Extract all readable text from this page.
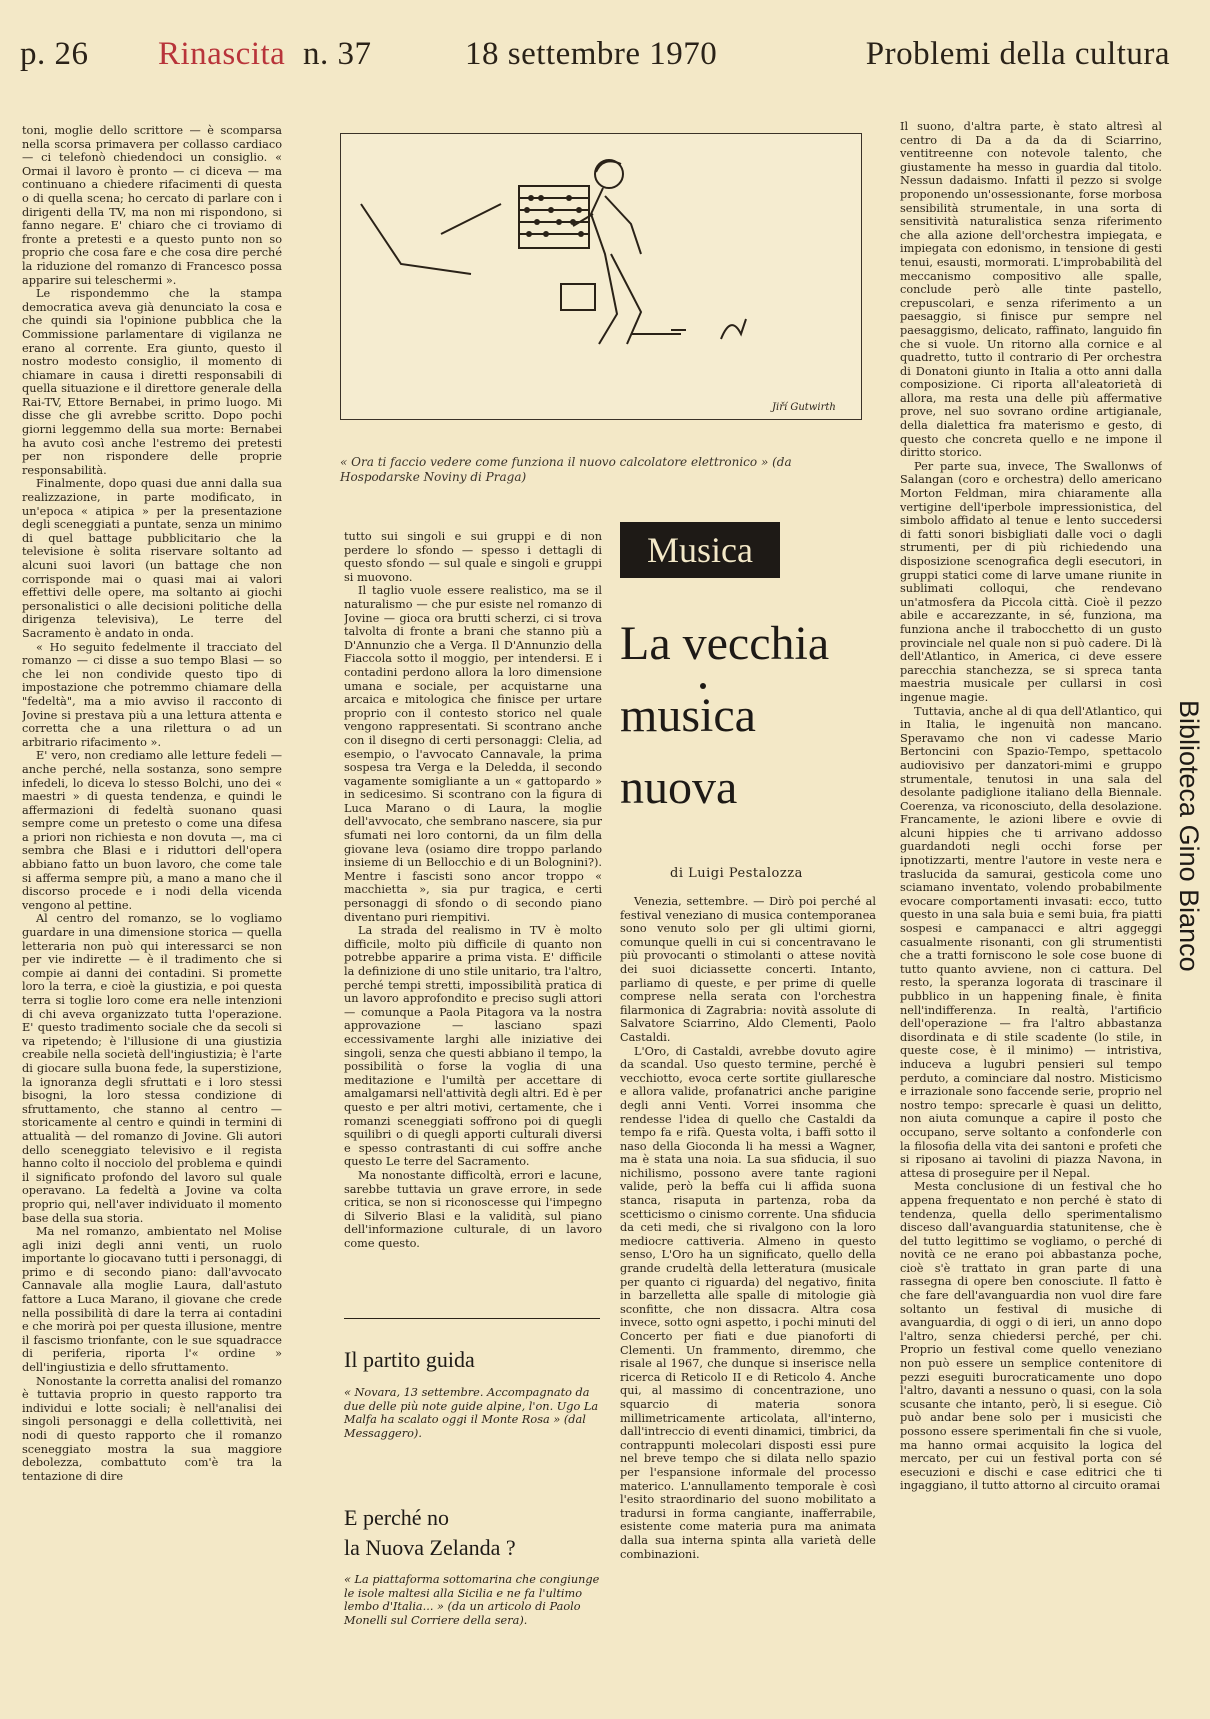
p. 26 Rinascita n. 37	18 settembre 1970	Problemi della cultura

toni, moglie dello scrittore — è scomparsa nella scorsa primavera per collasso cardiaco — ci telefonò chiedendoci un consiglio. « Ormai il lavoro è pronto — ci diceva — ma continuano a chiedere rifacimenti di questa o di quella scena; ho cercato di parlare con i dirigenti della TV, ma non mi rispondono, si fanno negare. E' chiaro che ci troviamo di fronte a pretesti e a questo punto non so proprio che cosa fare e che cosa dire perché la riduzione del romanzo di Francesco possa apparire sui teleschermi ».

Le rispondemmo che la stampa democratica aveva già denunciato la cosa e che quindi sia l'opinione pubblica che la Commissione parlamentare di vigilanza ne erano al corrente. Era giunto, questo il nostro modesto consiglio, il momento di chiamare in causa i diretti responsabili di quella situazione e il direttore generale della Rai-TV, Ettore Bernabei, in primo luogo. Mi disse che gli avrebbe scritto. Dopo pochi giorni leggemmo della sua morte: Bernabei ha avuto così anche l'estremo dei pretesti per non rispondere delle proprie responsabilità.

Finalmente, dopo quasi due anni dalla sua realizzazione, in parte modificato, in un'epoca « atipica » per la presentazione degli sceneggiati a puntate, senza un minimo di quel battage pubblicitario che la televisione è solita riservare soltanto ad alcuni suoi lavori (un battage che non corrisponde mai o quasi mai ai valori effettivi delle opere, ma soltanto ai giochi personalistici o alle decisioni politiche della dirigenza televisiva), Le terre del Sacramento è andato in onda.

« Ho seguito fedelmente il tracciato del romanzo — ci disse a suo tempo Blasi — so che lei non condivide questo tipo di impostazione che potremmo chiamare della "fedeltà", ma a mio avviso il racconto di Jovine si prestava più a una lettura attenta e corretta che a una rilettura o ad un arbitrario rifacimento ».

E' vero, non crediamo alle letture fedeli — anche perché, nella sostanza, sono sempre infedeli, lo diceva lo stesso Bolchi, uno dei « maestri » di questa tendenza, e quindi le affermazioni di fedeltà suonano quasi sempre come un pretesto o come una difesa a priori non richiesta e non dovuta —, ma ci sembra che Blasi e i riduttori dell'opera abbiano fatto un buon lavoro, che come tale si afferma sempre più, a mano a mano che il discorso procede e i nodi della vicenda vengono al pettine.

Al centro del romanzo, se lo vogliamo guardare in una dimensione storica — quella letteraria non può qui interessarci se non per vie indirette — è il tradimento che si compie ai danni dei contadini. Si promette loro la terra, e cioè la giustizia, e poi questa terra si toglie loro come era nelle intenzioni di chi aveva organizzato tutta l'operazione. E' questo tradimento sociale che da secoli si va ripetendo; è l'illusione di una giustizia creabile nella società dell'ingiustizia; è l'arte di giocare sulla buona fede, la superstizione, la ignoranza degli sfruttati e i loro stessi bisogni, la loro stessa condizione di sfruttamento, che stanno al centro — storicamente al centro e quindi in termini di attualità — del romanzo di Jovine. Gli autori dello sceneggiato televisivo e il regista hanno colto il nocciolo del problema e quindi il significato profondo del lavoro sul quale operavano. La fedeltà a Jovine va colta proprio qui, nell'aver individuato il momento base della sua storia.

Ma nel romanzo, ambientato nel Molise agli inizi degli anni venti, un ruolo importante lo giocavano tutti i personaggi, di primo e di secondo piano: dall'avvocato Cannavale alla moglie Laura, dall'astuto fattore a Luca Marano, il giovane che crede nella possibilità di dare la terra ai contadini e che morirà poi per questa illusione, mentre il fascismo trionfante, con le sue squadracce di periferia, riporta l'« ordine » dell'ingiustizia e dello sfruttamento.

Nonostante la corretta analisi del romanzo è tuttavia proprio in questo rapporto tra individui e lotte sociali; è nell'analisi dei singoli personaggi e della collettività, nei nodi di questo rapporto che il romanzo sceneggiato mostra la sua maggiore debolezza, combattuto com'è tra la tentazione di dire

Jiří Gutwirth
« Ora ti faccio vedere come funziona il nuovo calcolatore elettronico » (da Hospodarske Noviny di Praga)

tutto sui singoli e sui gruppi e di non perdere lo sfondo — spesso i dettagli di questo sfondo — sul quale e singoli e gruppi si muovono.

Il taglio vuole essere realistico, ma se il naturalismo — che pur esiste nel romanzo di Jovine — gioca ora brutti scherzi, ci si trova talvolta di fronte a brani che stanno più a D'Annunzio che a Verga. Il D'Annunzio della Fiaccola sotto il moggio, per intendersi. E i contadini perdono allora la loro dimensione umana e sociale, per acquistarne una arcaica e mitologica che finisce per urtare proprio con il contesto storico nel quale vengono rappresentati. Si scontrano anche con il disegno di certi personaggi: Clelia, ad esempio, o l'avvocato Cannavale, la prima sospesa tra Verga e la Deledda, il secondo vagamente somigliante a un « gattopardo » in sedicesimo. Si scontrano con la figura di Luca Marano o di Laura, la moglie dell'avvocato, che sembrano nascere, sia pur sfumati nei loro contorni, da un film della giovane leva (osiamo dire troppo parlando insieme di un Bellocchio e di un Bolognini?). Mentre i fascisti sono ancor troppo « macchietta », sia pur tragica, e certi personaggi di sfondo o di secondo piano diventano puri riempitivi.

La strada del realismo in TV è molto difficile, molto più difficile di quanto non potrebbe apparire a prima vista. E' difficile la definizione di uno stile unitario, tra l'altro, perché tempi stretti, impossibilità pratica di un lavoro approfondito e preciso sugli attori — comunque a Paola Pitagora va la nostra approvazione — lasciano spazi eccessivamente larghi alle iniziative dei singoli, senza che questi abbiano il tempo, la possibilità o forse la voglia di una meditazione e l'umiltà per accettare di amalgamarsi nell'attività degli altri. Ed è per questo e per altri motivi, certamente, che i romanzi sceneggiati soffrono poi di quegli squilibri o di quegli apporti culturali diversi e spesso contrastanti di cui soffre anche questo Le terre del Sacramento.

Ma nonostante difficoltà, errori e lacune, sarebbe tuttavia un grave errore, in sede critica, se non si riconoscesse qui l'impegno di Silverio Blasi e la validità, sul piano dell'informazione culturale, di un lavoro come questo.

Il partito guida
« Novara, 13 settembre. Accompagnato da due delle più note guide alpine, l'on. Ugo La Malfa ha scalato oggi il Monte Rosa » (dal Messaggero).
E perché no
la Nuova Zelanda ?
« La piattaforma sottomarina che congiunge le isole maltesi alla Sicilia e ne fa l'ultimo lembo d'Italia... » (da un articolo di Paolo Monelli sul Corriere della sera).
Musica
La vecchia
musica
nuova
di Luigi Pestalozza

Venezia, settembre. — Dirò poi perché al festival veneziano di musica contemporanea sono venuto solo per gli ultimi giorni, comunque quelli in cui si concentravano le più provocanti o stimolanti o attese novità dei suoi diciassette concerti. Intanto, parliamo di queste, e per prime di quelle comprese nella serata con l'orchestra filarmonica di Zagrabria: novità assolute di Salvatore Sciarrino, Aldo Clementi, Paolo Castaldi.

L'Oro, di Castaldi, avrebbe dovuto agire da scandal. Uso questo termine, perché è vecchiotto, evoca certe sortite giullaresche e allora valide, profanatrici anche parigine degli anni Venti. Vorrei insomma che rendesse l'idea di quello che Castaldi da tempo fa e rifà. Questa volta, i baffi sotto il naso della Gioconda li ha messi a Wagner, ma è stata una noia. La sua sfiducia, il suo nichilismo, possono avere tante ragioni valide, però la beffa cui li affida suona stanca, risaputa in partenza, roba da scetticismo o cinismo corrente. Una sfiducia da ceti medi, che si rivalgono con la loro mediocre cattiveria. Almeno in questo senso, L'Oro ha un significato, quello della grande crudeltà della letteratura (musicale per quanto ci riguarda) del negativo, finita in barzelletta alle spalle di mitologie già sconfitte, che non dissacra. Altra cosa invece, sotto ogni aspetto, i pochi minuti del Concerto per fiati e due pianoforti di Clementi. Un frammento, diremmo, che risale al 1967, che dunque si inserisce nella ricerca di Reticolo II e di Reticolo 4. Anche qui, al massimo di concentrazione, uno squarcio di materia sonora millimetricamente articolata, all'interno, dall'intreccio di eventi dinamici, timbrici, da contrappunti molecolari disposti essi pure nel breve tempo che si dilata nello spazio per l'espansione informale del processo materico. L'annullamento temporale è così l'esito straordinario del suono mobilitato a tradursi in forma cangiante, inafferrabile, esistente come materia pura ma animata dalla sua interna spinta alla varietà delle combinazioni.

Il suono, d'altra parte, è stato altresì al centro di Da a da da di Sciarrino, ventitreenne con notevole talento, che giustamente ha messo in guardia dal titolo. Nessun dadaismo. Infatti il pezzo si svolge proponendo un'ossessionante, forse morbosa sensibilità strumentale, in una sorta di sensitività naturalistica senza riferimento che alla azione dell'orchestra impiegata, e impiegata con edonismo, in tensione di gesti tenui, esausti, mormorati. L'improbabilità del meccanismo compositivo alle spalle, conclude però alle tinte pastello, crepuscolari, e senza riferimento a un paesaggio, si finisce pur sempre nel paesaggismo, delicato, raffinato, languido fin che si vuole. Un ritorno alla cornice e al quadretto, tutto il contrario di Per orchestra di Donatoni giunto in Italia a otto anni dalla composizione. Ci riporta all'aleatorietà di allora, ma resta una delle più affermative prove, nel suo sovrano ordine artigianale, della dialettica fra materismo e gesto, di questo che concreta quello e ne impone il diritto storico.

Per parte sua, invece, The Swallonws of Salangan (coro e orchestra) dello americano Morton Feldman, mira chiaramente alla vertigine dell'iperbole impressionistica, del simbolo affidato al tenue e lento succedersi di fatti sonori bisbigliati dalle voci o dagli strumenti, per di più richiedendo una disposizione scenografica degli esecutori, in gruppi statici come di larve umane riunite in sublimati colloqui, che rendevano un'atmosfera da Piccola città. Cioè il pezzo abile e accarezzante, in sé, funziona, ma funziona anche il trabocchetto di un gusto provinciale nel quale non si può cadere. Di là dell'Atlantico, in America, ci deve essere parecchia stanchezza, se si spreca tanta maestria musicale per cullarsi in così ingenue magie.

Tuttavia, anche al di qua dell'Atlantico, qui in Italia, le ingenuità non mancano. Speravamo che non vi cadesse Mario Bertoncini con Spazio-Tempo, spettacolo audiovisivo per danzatori-mimi e gruppo strumentale, tenutosi in una sala del desolante padiglione italiano della Biennale. Coerenza, va riconosciuto, della desolazione. Francamente, le azioni libere e ovvie di alcuni hippies che ti arrivano addosso guardandoti negli occhi forse per ipnotizzarti, mentre l'autore in veste nera e traslucida da samurai, gesticola come uno sciamano inventato, volendo probabilmente evocare comportamenti invasati: ecco, tutto questo in una sala buia e semi buia, fra piatti sospesi e campanacci e altri aggeggi casualmente risonanti, con gli strumentisti che a tratti forniscono le sole cose buone di tutto quanto avviene, non ci cattura. Del resto, la speranza logorata di trascinare il pubblico in un happening finale, è finita nell'indifferenza. In realtà, l'artificio dell'operazione — fra l'altro abbastanza disordinata e di stile scadente (lo stile, in queste cose, è il minimo) — intristiva, induceva a lugubri pensieri sul tempo perduto, a cominciare dal nostro. Misticismo e irrazionale sono faccende serie, proprio nel nostro tempo: sprecarle è quasi un delitto, non aiuta comunque a capire il posto che occupano, serve soltanto a confonderle con la filosofia della vita dei santoni e profeti che si riposano ai tavolini di piazza Navona, in attesa di proseguire per il Nepal.

Mesta conclusione di un festival che ho appena frequentato e non perché è stato di tendenza, quella dello sperimentalismo disceso dall'avanguardia statunitense, che è del tutto legittimo se vogliamo, o perché di novità ce ne erano poi abbastanza poche, cioè s'è trattato in gran parte di una rassegna di opere ben conosciute. Il fatto è che fare dell'avanguardia non vuol dire fare soltanto un festival di musiche di avanguardia, di oggi o di ieri, un anno dopo l'altro, senza chiedersi perché, per chi. Proprio un festival come quello veneziano non può essere un semplice contenitore di pezzi eseguiti burocraticamente uno dopo l'altro, davanti a nessuno o quasi, con la sola scusante che intanto, però, li si esegue. Ciò può andar bene solo per i musicisti che possono essere sperimentali fin che si vuole, ma hanno ormai acquisito la logica del mercato, per cui un festival porta con sé esecuzioni e dischi e case editrici che ti ingaggiano, il tutto attorno al circuito oramai

Biblioteca Gino Bianco
